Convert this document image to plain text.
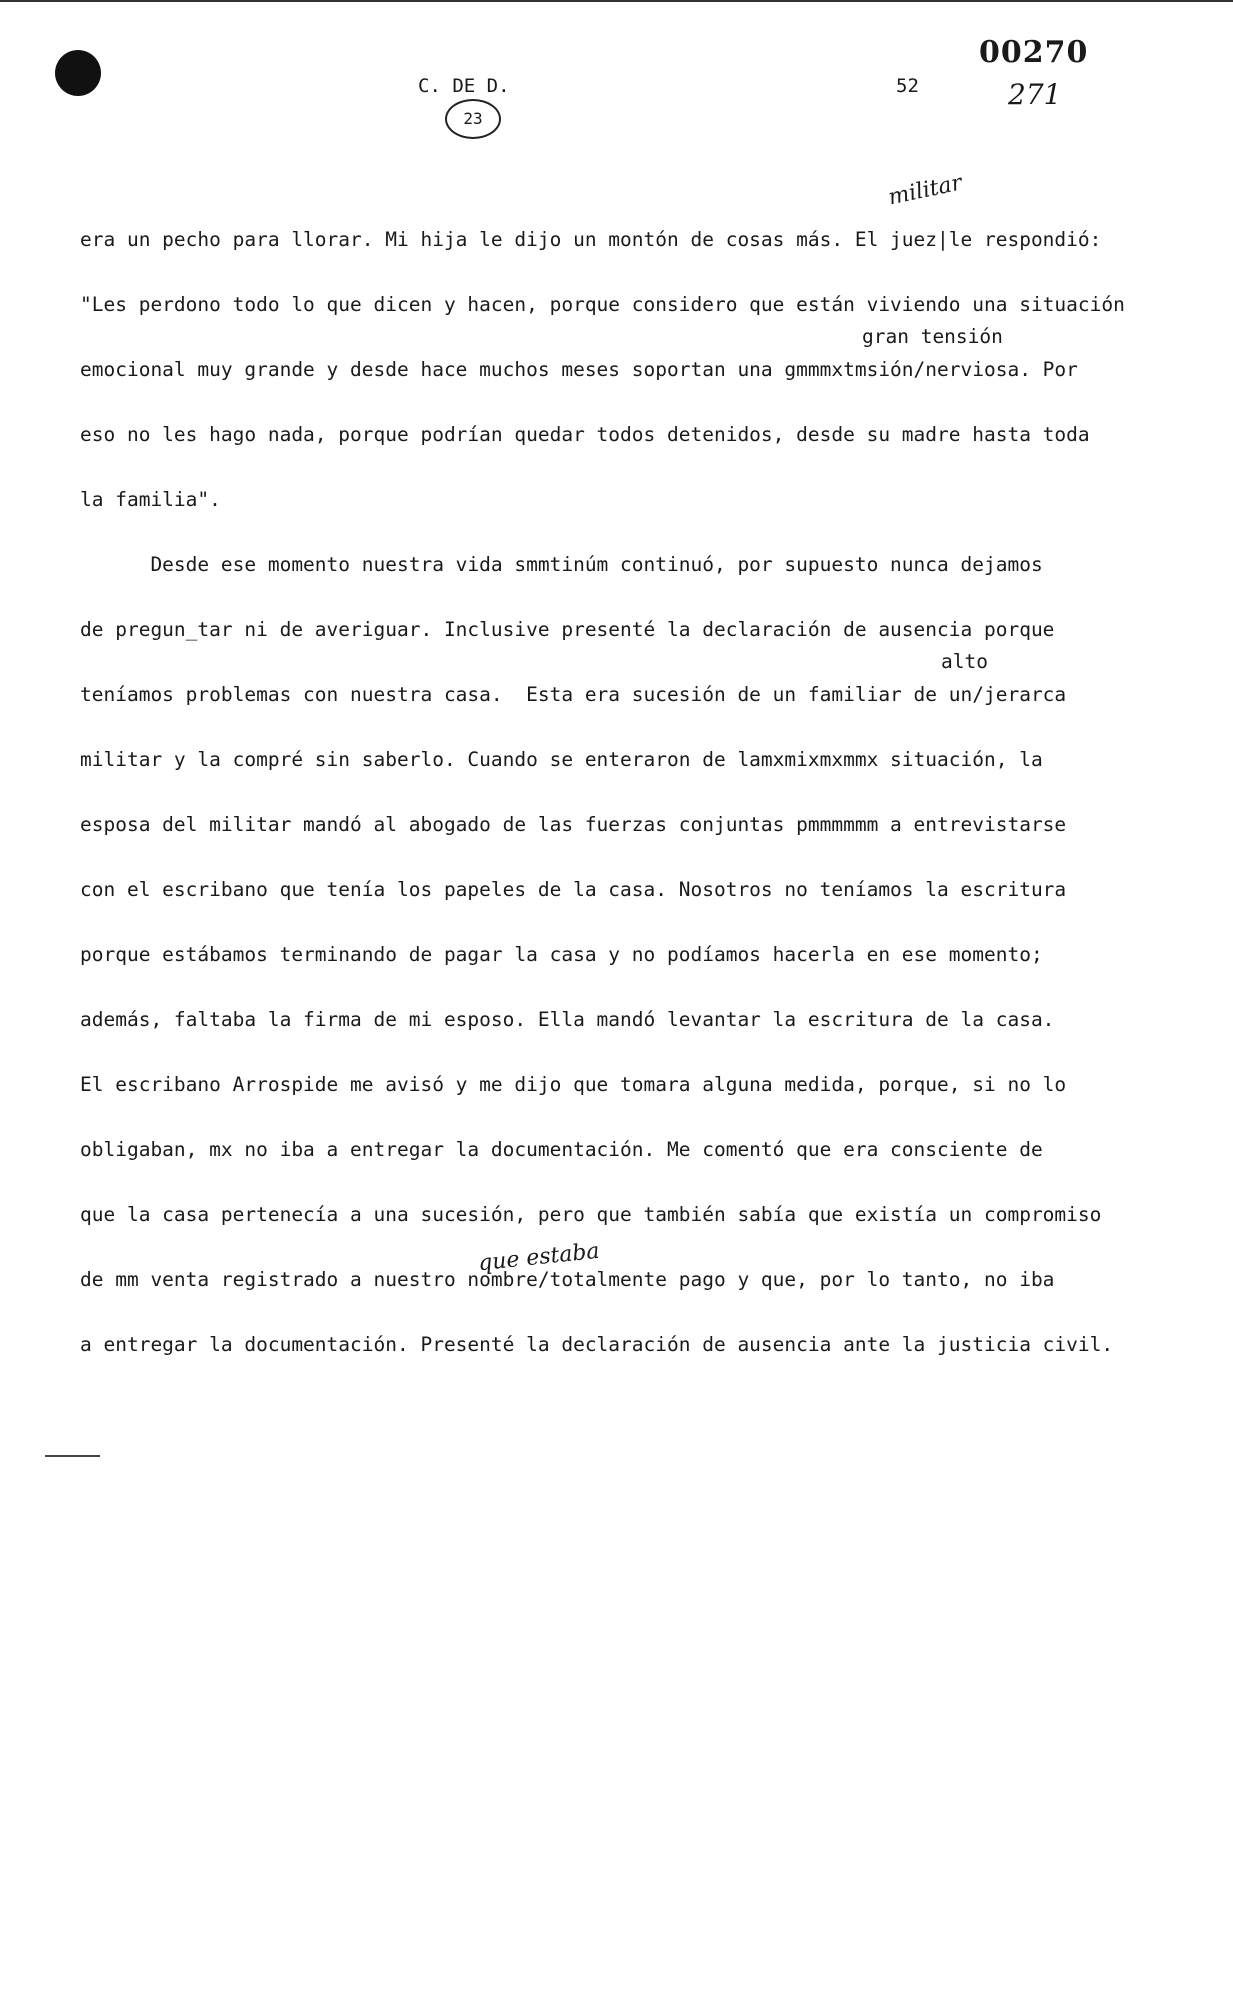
C. DE D.
23
52
00270
271
militar
gran tensión
alto
que estaba
era un pecho para llorar. Mi hija le dijo un montón de cosas más. El juez|le respondió:
"Les perdono todo lo que dicen y hacen, porque considero que están viviendo una situación
emocional muy grande y desde hace muchos meses soportan una gmmmxtmsión/nerviosa. Por
eso no les hago nada, porque podrían quedar todos detenidos, desde su madre hasta toda
la familia".
Desde ese momento nuestra vida smmtinúm continuó, por supuesto nunca dejamos
de pregun_tar ni de averiguar. Inclusive presenté la declaración de ausencia porque
teníamos problemas con nuestra casa.  Esta era sucesión de un familiar de un/jerarca
militar y la compré sin saberlo. Cuando se enteraron de lamxmixmxmmx situación, la
esposa del militar mandó al abogado de las fuerzas conjuntas pmmmmmm a entrevistarse
con el escribano que tenía los papeles de la casa. Nosotros no teníamos la escritura
porque estábamos terminando de pagar la casa y no podíamos hacerla en ese momento;
además, faltaba la firma de mi esposo. Ella mandó levantar la escritura de la casa.
El escribano Arrospide me avisó y me dijo que tomara alguna medida, porque, si no lo
obligaban, mx no iba a entregar la documentación. Me comentó que era consciente de
que la casa pertenecía a una sucesión, pero que también sabía que existía un compromiso
de mm venta registrado a nuestro nombre/totalmente pago y que, por lo tanto, no iba
a entregar la documentación. Presenté la declaración de ausencia ante la justicia civil.
